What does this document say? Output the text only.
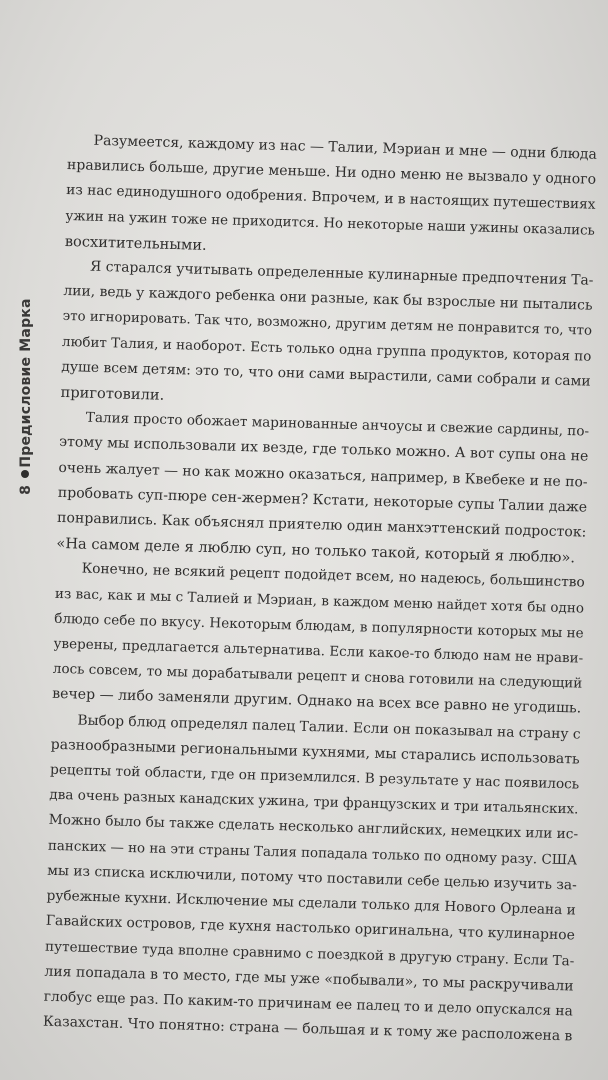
Предисловие Марка
8

Разумеется, каждому из нас — Талии, Мэриан и мне — одни блюда
нравились больше, другие меньше. Ни одно меню не вызвало у одного
из нас единодушного одобрения. Впрочем, и в настоящих путешествиях
ужин на ужин тоже не приходится. Но некоторые наши ужины оказались
восхитительными.

Я старался учитывать определенные кулинарные предпочтения Та-
лии, ведь у каждого ребенка они разные, как бы взрослые ни пытались
это игнорировать. Так что, возможно, другим детям не понравится то, что
любит Талия, и наоборот. Есть только одна группа продуктов, которая по
душе всем детям: это то, что они сами вырастили, сами собрали и сами
приготовили.

Талия просто обожает маринованные анчоусы и свежие сардины, по-
этому мы использовали их везде, где только можно. А вот супы она не
очень жалует — но как можно оказаться, например, в Квебеке и не по-
пробовать суп-пюре сен-жермен? Кстати, некоторые супы Талии даже
понравились. Как объяснял приятелю один манхэттенский подросток:
«На самом деле я люблю суп, но только такой, который я люблю».

Конечно, не всякий рецепт подойдет всем, но надеюсь, большинство
из вас, как и мы с Талией и Мэриан, в каждом меню найдет хотя бы одно
блюдо себе по вкусу. Некоторым блюдам, в популярности которых мы не
уверены, предлагается альтернатива. Если какое-то блюдо нам не нрави-
лось совсем, то мы дорабатывали рецепт и снова готовили на следующий
вечер — либо заменяли другим. Однако на всех все равно не угодишь.

Выбор блюд определял палец Талии. Если он показывал на страну с
разнообразными региональными кухнями, мы старались использовать
рецепты той области, где он приземлился. В результате у нас появилось
два очень разных канадских ужина, три французских и три итальянских.
Можно было бы также сделать несколько английских, немецких или ис-
панских — но на эти страны Талия попадала только по одному разу. США
мы из списка исключили, потому что поставили себе целью изучить за-
рубежные кухни. Исключение мы сделали только для Нового Орлеана и
Гавайских островов, где кухня настолько оригинальна, что кулинарное
путешествие туда вполне сравнимо с поездкой в другую страну. Если Та-
лия попадала в то место, где мы уже «побывали», то мы раскручивали
глобус еще раз. По каким-то причинам ее палец то и дело опускался на
Казахстан. Что понятно: страна — большая и к тому же расположена в
